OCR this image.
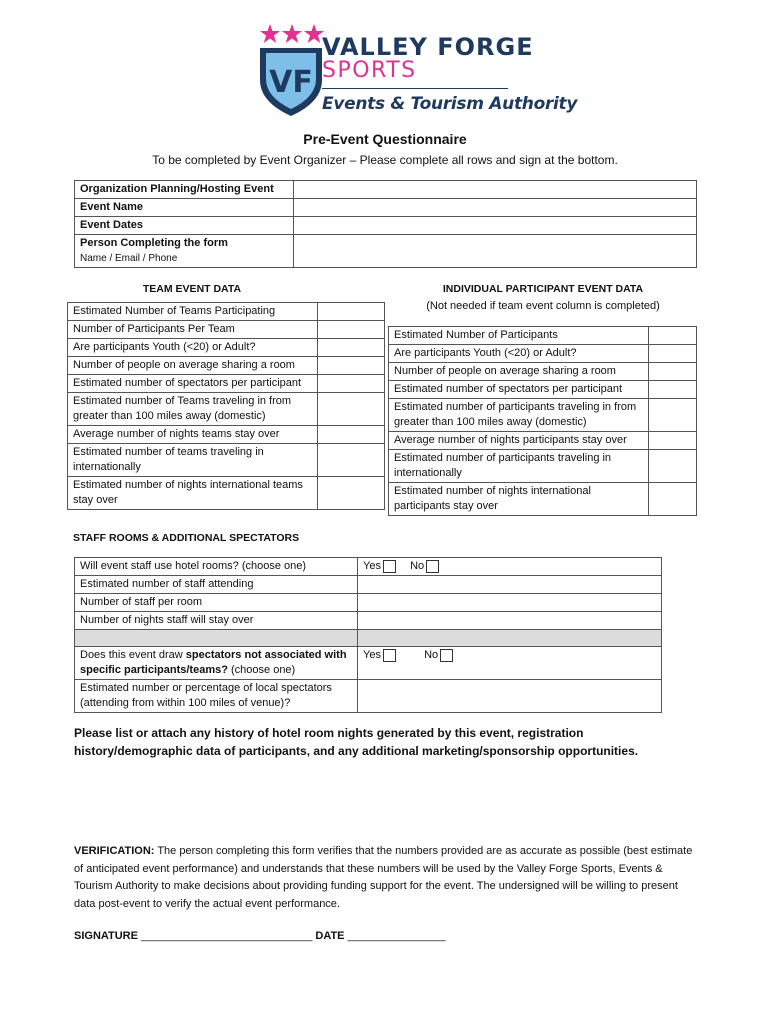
VF
VALLEY FORGE
SPORTS
Events & Tourism Authority
Pre-Event Questionnaire
To be completed by Event Organizer – Please complete all rows and sign at the bottom.
Organization Planning/Hosting Event	
Event Name	
Event Dates	
Person Completing the form
Name / Email / Phone	
TEAM EVENT DATA	INDIVIDUAL PARTICIPANT EVENT DATA
(Not needed if team event column is completed)
Estimated Number of Teams Participating	
Number of Participants Per Team	
Are participants Youth (<20) or Adult?	
Number of people on average sharing a room	
Estimated number of spectators per participant	
Estimated number of Teams traveling in from greater than 100 miles away (domestic)	
Average number of nights teams stay over	
Estimated number of teams traveling in internationally	
Estimated number of nights international teams stay over	
Estimated Number of Participants	
Are participants Youth (<20) or Adult?	
Number of people on average sharing a room	
Estimated number of spectators per participant	
Estimated number of participants traveling in from greater than 100 miles away (domestic)	
Average number of nights participants stay over	
Estimated number of participants traveling in internationally	
Estimated number of nights international participants stay over	
STAFF ROOMS & ADDITIONAL SPECTATORS
Will event staff use hotel rooms? (choose one)	Yes No
Estimated number of staff attending	
Number of staff per room	
Number of nights staff will stay over	

Does this event draw spectators not associated with specific participants/teams? (choose one)	Yes No
Estimated number or percentage of local spectators (attending from within 100 miles of venue)?	
Please list or attach any history of hotel room nights generated by this event, registration history/demographic data of participants, and any additional marketing/sponsorship opportunities.
VERIFICATION: The person completing this form verifies that the numbers provided are as accurate as possible (best estimate of anticipated event performance) and understands that these numbers will be used by the Valley Forge Sports, Events & Tourism Authority to make decisions about providing funding support for the event. The undersigned will be willing to present data post-event to verify the actual event performance.
SIGNATURE ____________________________ DATE ________________
